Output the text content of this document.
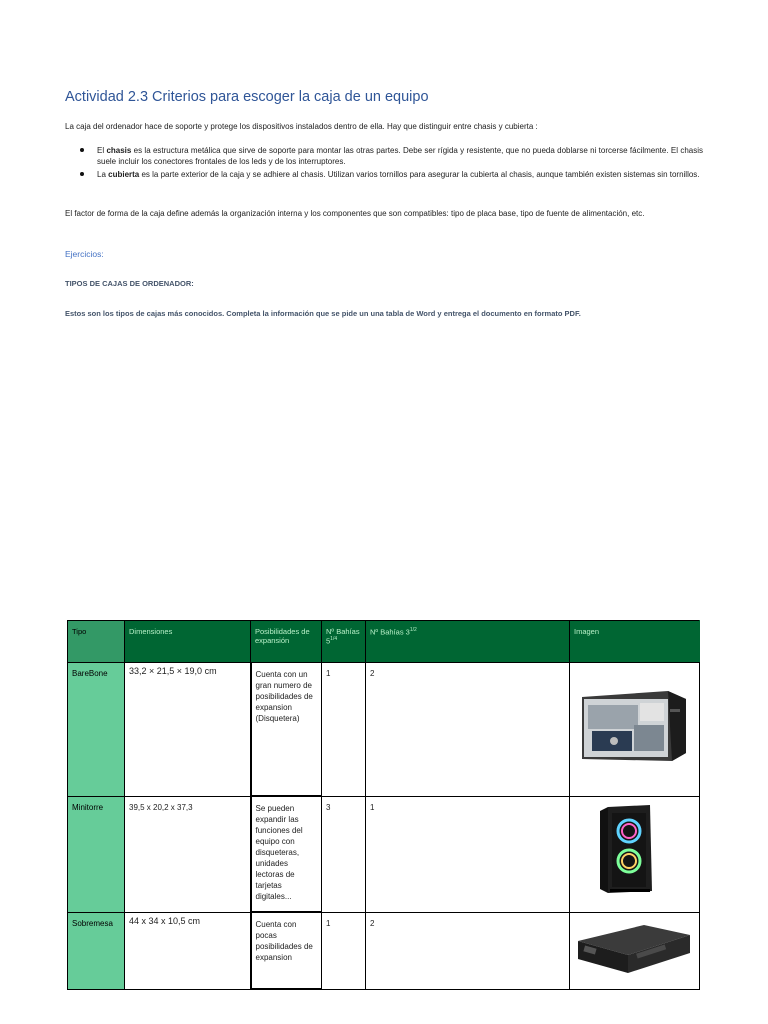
Actividad 2.3 Criterios para escoger la caja de un equipo
La caja del ordenador hace de soporte y protege los dispositivos instalados dentro de ella. Hay que distinguir entre chasis y cubierta :
El chasis es la estructura metálica que sirve de soporte para montar las otras partes. Debe ser rígida y resistente, que no pueda doblarse ni torcerse fácilmente. El chasis suele incluir los conectores frontales de los leds y de los interruptores.
La cubierta es la parte exterior de la caja y se adhiere al chasis. Utilizan varios tornillos para asegurar la cubierta al chasis, aunque también existen sistemas sin tornillos.
El factor de forma de la caja define además la organización interna y los componentes que son compatibles: tipo de placa base, tipo de fuente de alimentación, etc.
Ejercicios:
TIPOS DE CAJAS DE ORDENADOR:
Estos son los tipos de cajas más conocidos. Completa la información que se pide un una tabla de Word y entrega el documento en formato PDF.
Tipo	Dimensiones	Posibilidades de expansión	Nº Bahías $5^{1/4}$	Nº Bahías $3^{1/2}$	Imagen
BareBone	33,2 × 21,5 × 19,0 cm	Cuenta con un gran numero de posibilidades de expansion (Disquetera)	1	2	

Minitorre	39,5 x 20,2 x 37,3	Se pueden expandir las funciones del equipo con disqueteras, unidades lectoras de tarjetas digitales...	3	1	

Sobremesa	44 x 34 x 10,5 cm	Cuenta con pocas posibilidades de expansion	1	2	
